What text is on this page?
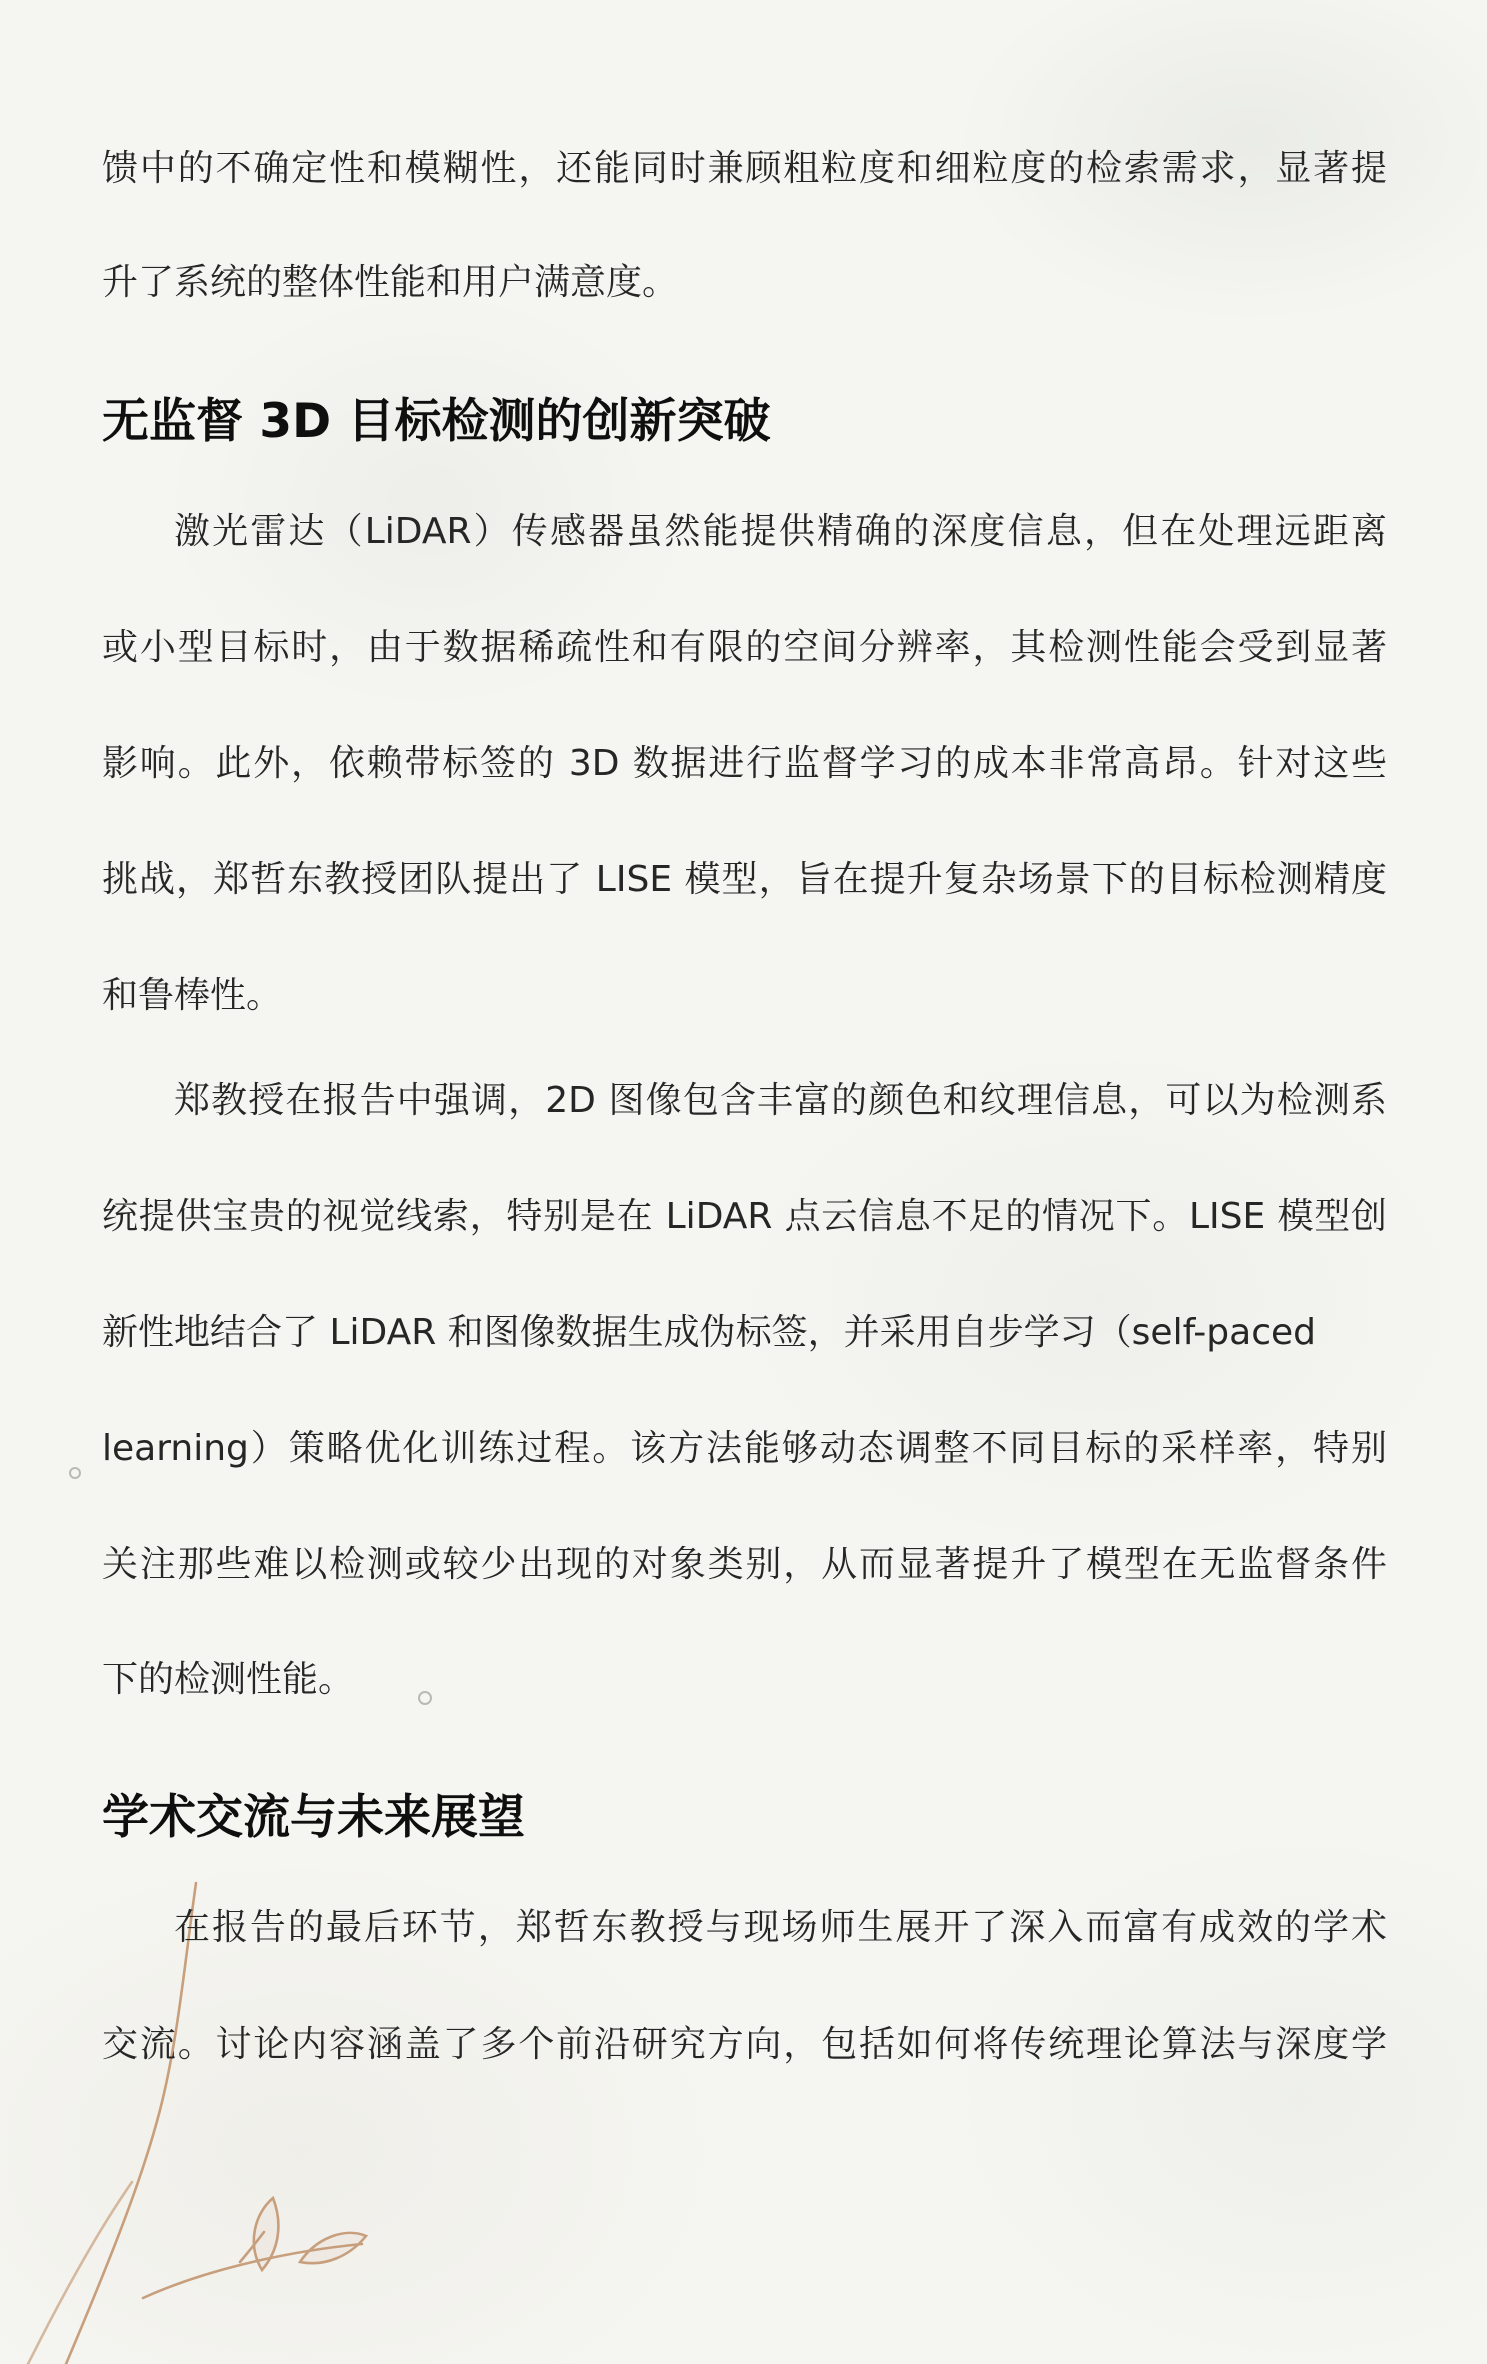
馈中的不确定性和模糊性，还能同时兼顾粗粒度和细粒度的检索需求，显著提
升了系统的整体性能和用户满意度。
无监督 3D 目标检测的创新突破
激光雷达（LiDAR）传感器虽然能提供精确的深度信息，但在处理远距离
或小型目标时，由于数据稀疏性和有限的空间分辨率，其检测性能会受到显著
影响。此外，依赖带标签的 3D 数据进行监督学习的成本非常高昂。针对这些
挑战，郑哲东教授团队提出了 LISE 模型，旨在提升复杂场景下的目标检测精度
和鲁棒性。
郑教授在报告中强调，2D 图像包含丰富的颜色和纹理信息，可以为检测系
统提供宝贵的视觉线索，特别是在 LiDAR 点云信息不足的情况下。LISE 模型创
新性地结合了 LiDAR 和图像数据生成伪标签，并采用自步学习（self-paced
learning）策略优化训练过程。该方法能够动态调整不同目标的采样率，特别
关注那些难以检测或较少出现的对象类别，从而显著提升了模型在无监督条件
下的检测性能。
学术交流与未来展望
在报告的最后环节，郑哲东教授与现场师生展开了深入而富有成效的学术
交流。讨论内容涵盖了多个前沿研究方向，包括如何将传统理论算法与深度学
